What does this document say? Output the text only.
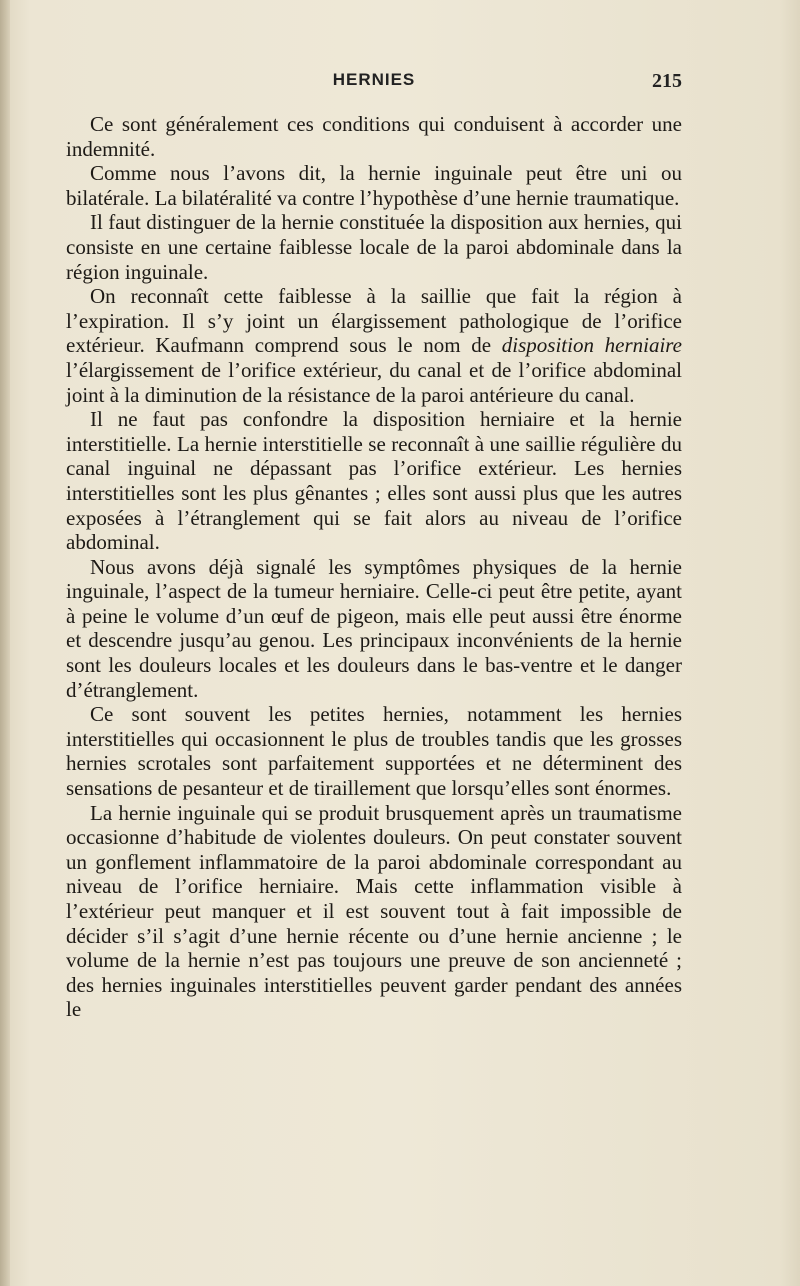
HERNIES	215

Ce sont généralement ces conditions qui conduisent à accorder une indemnité.

Comme nous l’avons dit, la hernie inguinale peut être uni ou bilatérale. La bilatéralité va contre l’hypothèse d’une hernie traumatique.

Il faut distinguer de la hernie constituée la disposition aux hernies, qui consiste en une certaine faiblesse locale de la paroi abdominale dans la région inguinale.

On reconnaît cette faiblesse à la saillie que fait la région à l’expiration. Il s’y joint un élargissement pathologique de l’orifice extérieur. Kaufmann comprend sous le nom de disposition herniaire l’élargissement de l’orifice extérieur, du canal et de l’orifice abdominal joint à la diminution de la résistance de la paroi antérieure du canal.

Il ne faut pas confondre la disposition herniaire et la hernie interstitielle. La hernie interstitielle se reconnaît à une saillie régulière du canal inguinal ne dépassant pas l’orifice extérieur. Les hernies interstitielles sont les plus gênantes ; elles sont aussi plus que les autres exposées à l’étranglement qui se fait alors au niveau de l’orifice abdominal.

Nous avons déjà signalé les symptômes physiques de la hernie inguinale, l’aspect de la tumeur herniaire. Celle-ci peut être petite, ayant à peine le volume d’un œuf de pigeon, mais elle peut aussi être énorme et descendre jusqu’au genou. Les principaux inconvénients de la hernie sont les douleurs locales et les douleurs dans le bas-ventre et le danger d’étranglement.

Ce sont souvent les petites hernies, notamment les hernies interstitielles qui occasionnent le plus de troubles tandis que les grosses hernies scrotales sont parfaitement supportées et ne déterminent des sensations de pesanteur et de tiraillement que lorsqu’elles sont énormes.

La hernie inguinale qui se produit brusquement après un traumatisme occasionne d’habitude de violentes douleurs. On peut constater souvent un gonflement inflammatoire de la paroi abdominale correspondant au niveau de l’orifice herniaire. Mais cette inflammation visible à l’extérieur peut manquer et il est souvent tout à fait impossible de décider s’il s’agit d’une hernie récente ou d’une hernie ancienne ; le volume de la hernie n’est pas toujours une preuve de son ancienneté ; des hernies inguinales interstitielles peuvent garder pendant des années le
